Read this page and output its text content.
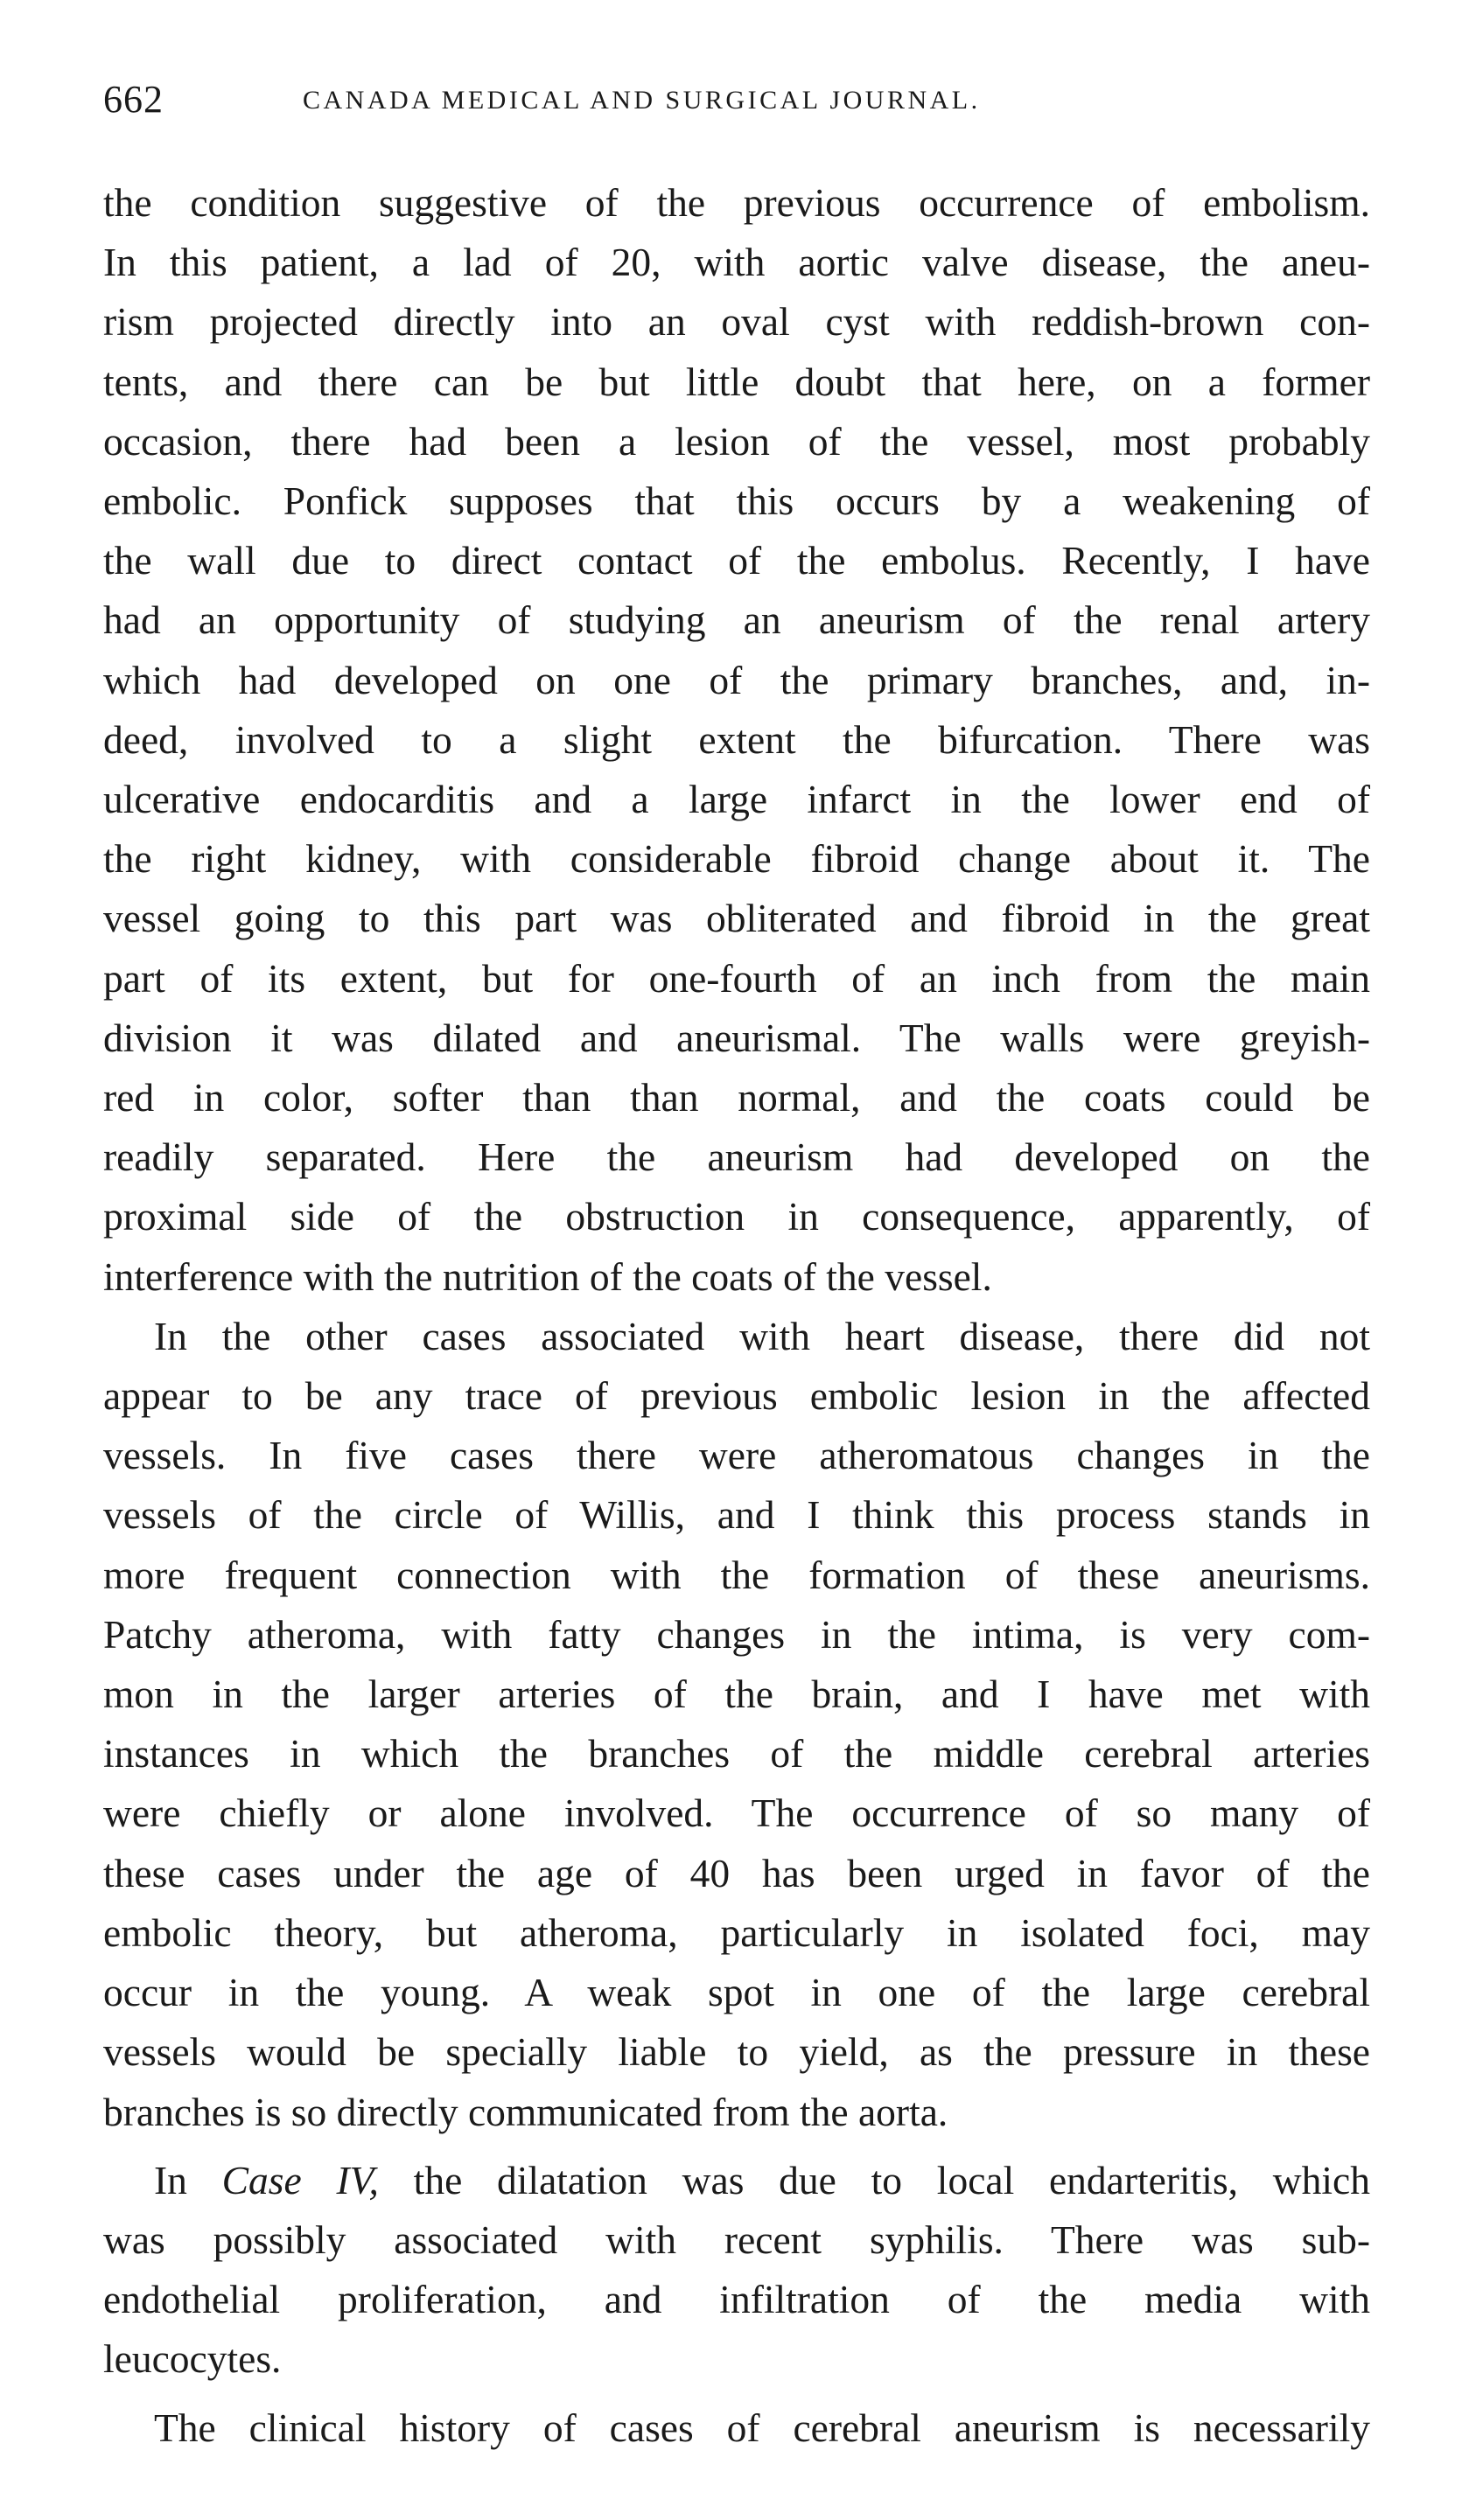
662	CANADA MEDICAL AND SURGICAL JOURNAL.
the condition suggestive of the previous occurrence of embolism.
In this patient, a lad of 20, with aortic valve disease, the aneu-
rism projected directly into an oval cyst with reddish-brown con-
tents, and there can be but little doubt that here, on a former
occasion, there had been a lesion of the vessel, most probably
embolic. Ponfick supposes that this occurs by a weakening of
the wall due to direct contact of the embolus. Recently, I have
had an opportunity of studying an aneurism of the renal artery
which had developed on one of the primary branches, and, in-
deed, involved to a slight extent the bifurcation. There was
ulcerative endocarditis and a large infarct in the lower end of
the right kidney, with considerable fibroid change about it. The
vessel going to this part was obliterated and fibroid in the great
part of its extent, but for one-fourth of an inch from the main
division it was dilated and aneurismal. The walls were greyish-
red in color, softer than than normal, and the coats could be
readily separated. Here the aneurism had developed on the
proximal side of the obstruction in consequence, apparently, of
interference with the nutrition of the coats of the vessel.
In the other cases associated with heart disease, there did not
appear to be any trace of previous embolic lesion in the affected
vessels. In five cases there were atheromatous changes in the
vessels of the circle of Willis, and I think this process stands in
more frequent connection with the formation of these aneurisms.
Patchy atheroma, with fatty changes in the intima, is very com-
mon in the larger arteries of the brain, and I have met with
instances in which the branches of the middle cerebral arteries
were chiefly or alone involved. The occurrence of so many of
these cases under the age of 40 has been urged in favor of the
embolic theory, but atheroma, particularly in isolated foci, may
occur in the young. A weak spot in one of the large cerebral
vessels would be specially liable to yield, as the pressure in these
branches is so directly communicated from the aorta.
In Case IV, the dilatation was due to local endarteritis, which
was possibly associated with recent syphilis. There was sub-
endothelial proliferation, and infiltration of the media with
leucocytes.
The clinical history of cases of cerebral aneurism is necessarily
